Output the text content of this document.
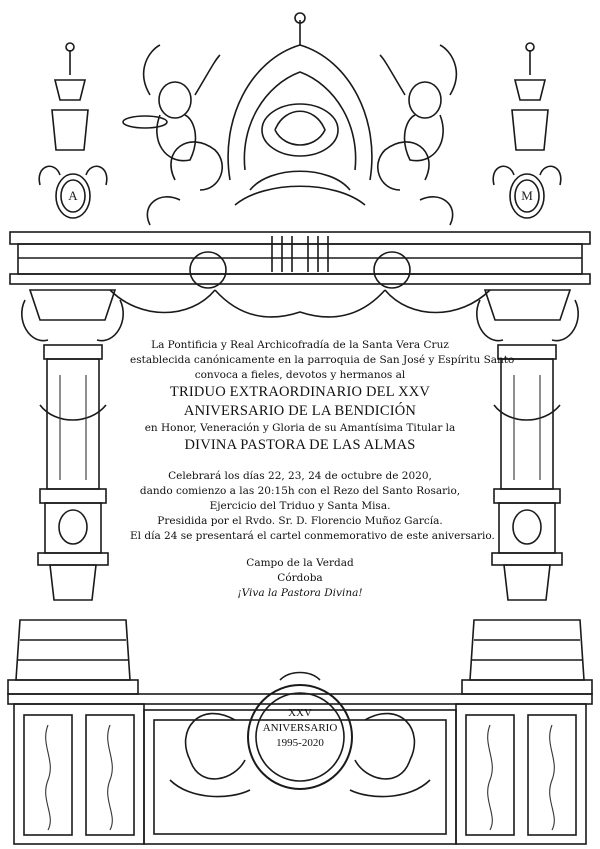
A	M
La Pontificia y Real Archicofradía de la Santa Vera Cruz
establecida canónicamente en la parroquia de San José y Espíritu Santo
convoca a fieles, devotos y hermanos al
TRIDUO EXTRAORDINARIO DEL XXV
ANIVERSARIO DE LA BENDICIÓN
en Honor, Veneración y Gloria de su Amantísima Titular la
DIVINA PASTORA DE LAS ALMAS
Celebrará los días 22, 23, 24 de octubre de 2020,
dando comienzo a las 20:15h con el Rezo del Santo Rosario,
Ejercicio del Triduo y Santa Misa.
Presidida por el Rvdo. Sr. D. Florencio Muñoz García.
El día 24 se presentará el cartel conmemorativo de este aniversario.
Campo de la Verdad
Córdoba
¡Viva la Pastora Divina!
XXV
ANIVERSARIO
1995-2020
